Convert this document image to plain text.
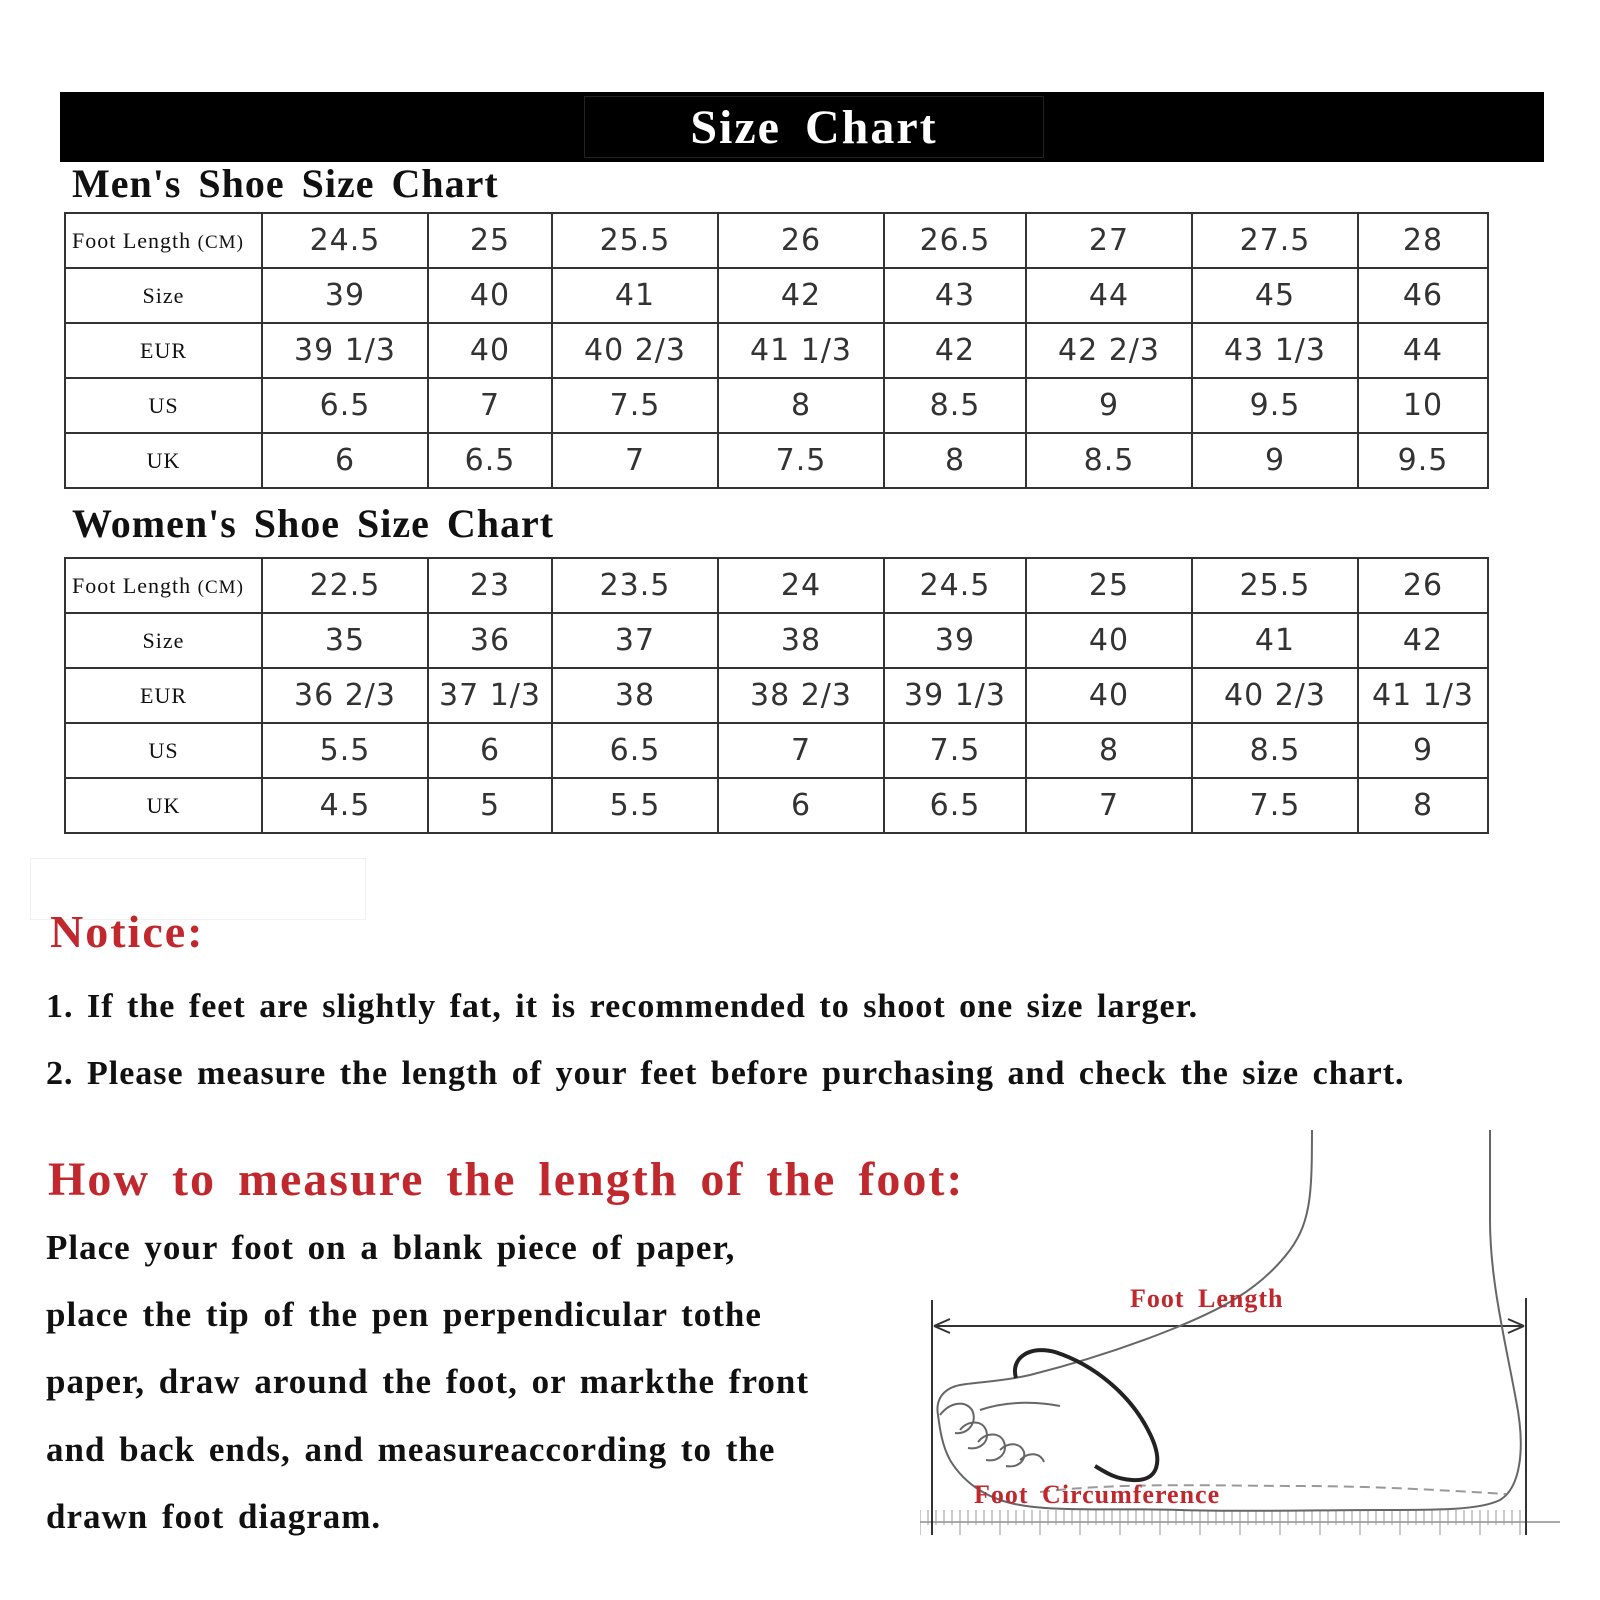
Size Chart
Men's Shoe Size Chart
Foot Length (CM)	24.5	25	25.5	26	26.5	27	27.5	28
Size	39	40	41	42	43	44	45	46
EUR	39 1/3	40	40 2/3	41 1/3	42	42 2/3	43 1/3	44
US	6.5	7	7.5	8	8.5	9	9.5	10
UK	6	6.5	7	7.5	8	8.5	9	9.5
Women's Shoe Size Chart
Foot Length (CM)	22.5	23	23.5	24	24.5	25	25.5	26
Size	35	36	37	38	39	40	41	42
EUR	36 2/3	37 1/3	38	38 2/3	39 1/3	40	40 2/3	41 1/3
US	5.5	6	6.5	7	7.5	8	8.5	9
UK	4.5	5	5.5	6	6.5	7	7.5	8
Notice:
1. If the feet are slightly fat, it is recommended to shoot one size larger.
2. Please measure the length of your feet before purchasing and check the size chart.
How to measure the length of the foot:
Place your foot on a blank piece of paper,
place the tip of the pen perpendicular tothe
paper, draw around the foot, or markthe front
and back ends, and measureaccording to the
drawn foot diagram.
Foot Length
Foot Circumference
